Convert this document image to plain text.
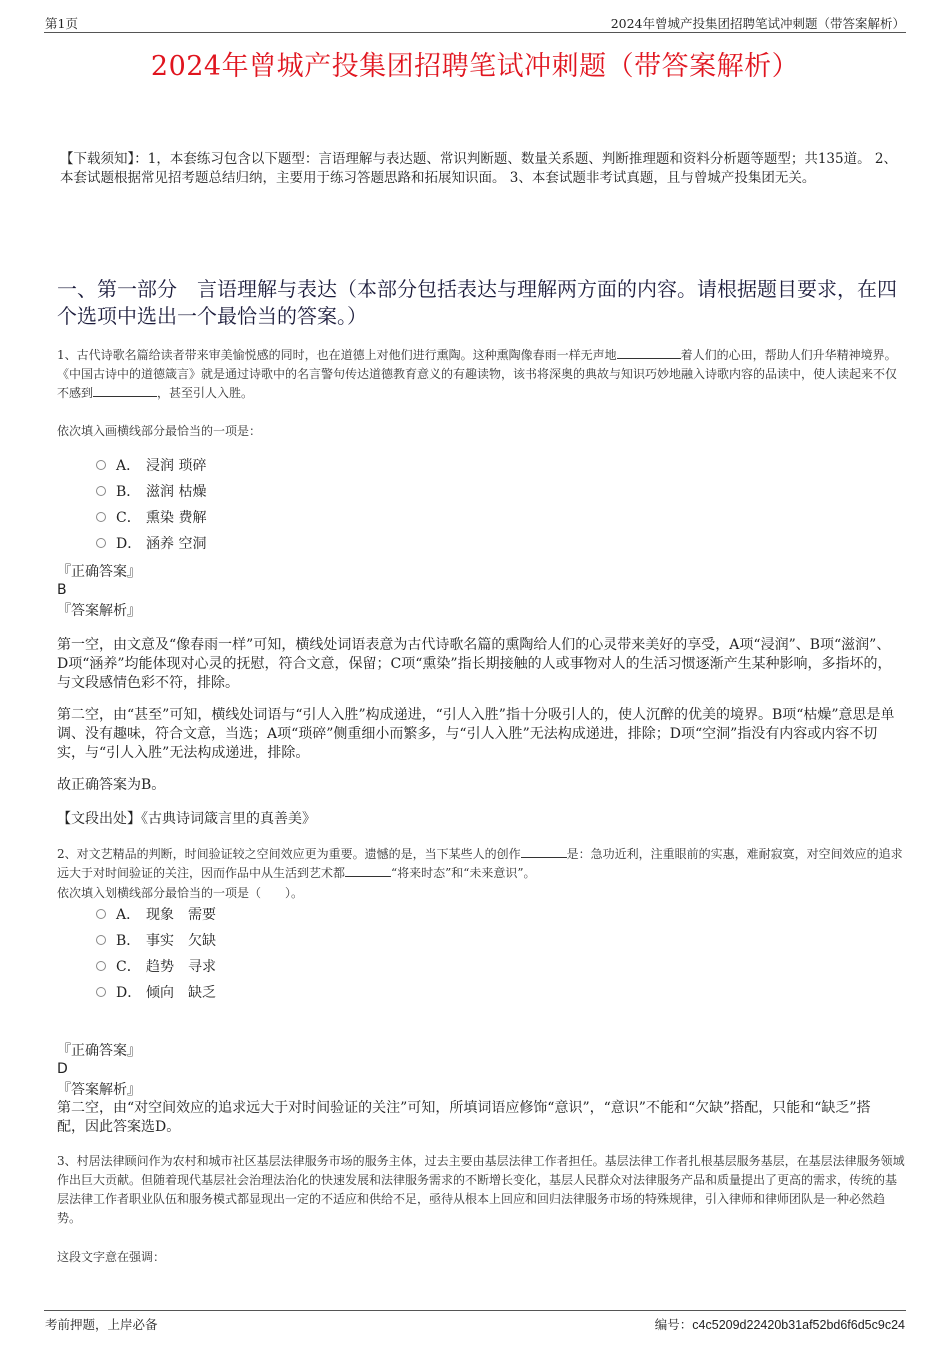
第1页	2024年曾城产投集团招聘笔试冲刺题（带答案解析）
2024年曾城产投集团招聘笔试冲刺题（带答案解析）
【下载须知】：1，本套练习包含以下题型：言语理解与表达题、常识判断题、数量关系题、判断推理题和资料分析题等题型；共135道。 2、本套试题根据常见招考题总结归纳，主要用于练习答题思路和拓展知识面。 3、本套试题非考试真题，且与曾城产投集团无关。
一、第一部分　言语理解与表达（本部分包括表达与理解两方面的内容。请根据题目要求，在四个选项中选出一个最恰当的答案。）
1、古代诗歌名篇给读者带来审美愉悦感的同时，也在道德上对他们进行熏陶。这种熏陶像春雨一样无声地	着人们的心田，帮助人们升华精神境界。《中国古诗中的道德箴言》就是通过诗歌中的名言警句传达道德教育意义的有趣读物，该书将深奥的典故与知识巧妙地融入诗歌内容的品读中，使人读起来不仅不感到	，甚至引人入胜。
依次填入画横线部分最恰当的一项是：
A． 浸润 琐碎
B． 滋润 枯燥
C． 熏染 费解
D． 涵养 空洞
『正确答案』
B
『答案解析』
第一空，由文意及“像春雨一样”可知，横线处词语表意为古代诗歌名篇的熏陶给人们的心灵带来美好的享受，A项“浸润”、B项“滋润”、D项“涵养”均能体现对心灵的抚慰，符合文意，保留；C项“熏染”指长期接触的人或事物对人的生活习惯逐渐产生某种影响，多指坏的，与文段感情色彩不符，排除。
第二空，由“甚至”可知，横线处词语与“引人入胜”构成递进，“引人入胜”指十分吸引人的，使人沉醉的优美的境界。B项“枯燥”意思是单调、没有趣味，符合文意，当选；A项“琐碎”侧重细小而繁多，与“引人入胜”无法构成递进，排除；D项“空洞”指没有内容或内容不切实，与“引人入胜”无法构成递进，排除。
故正确答案为B。
【文段出处】《古典诗词箴言里的真善美》
2、对文艺精品的判断，时间验证较之空间效应更为重要。遗憾的是，当下某些人的创作	是：急功近利，注重眼前的实惠，难耐寂寞，对空间效应的追求远大于对时间验证的关注，因而作品中从生活到艺术都	“将来时态”和“未来意识”。
依次填入划横线部分最恰当的一项是（　　）。
A． 现象　需要
B． 事实　欠缺
C． 趋势　寻求
D． 倾向　缺乏
『正确答案』
D
『答案解析』
第二空，由“对空间效应的追求远大于对时间验证的关注”可知，所填词语应修饰“意识”，“意识”不能和“欠缺”搭配，只能和“缺乏”搭配，因此答案选D。
3、村居法律顾问作为农村和城市社区基层法律服务市场的服务主体，过去主要由基层法律工作者担任。基层法律工作者扎根基层服务基层，在基层法律服务领域作出巨大贡献。但随着现代基层社会治理法治化的快速发展和法律服务需求的不断增长变化，基层人民群众对法律服务产品和质量提出了更高的需求，传统的基层法律工作者职业队伍和服务模式都显现出一定的不适应和供给不足，亟待从根本上回应和回归法律服务市场的特殊规律，引入律师和律师团队是一种必然趋势。
这段文字意在强调：
考前押题，上岸必备	编号：c4c5209d22420b31af52bd6f6d5c9c24
